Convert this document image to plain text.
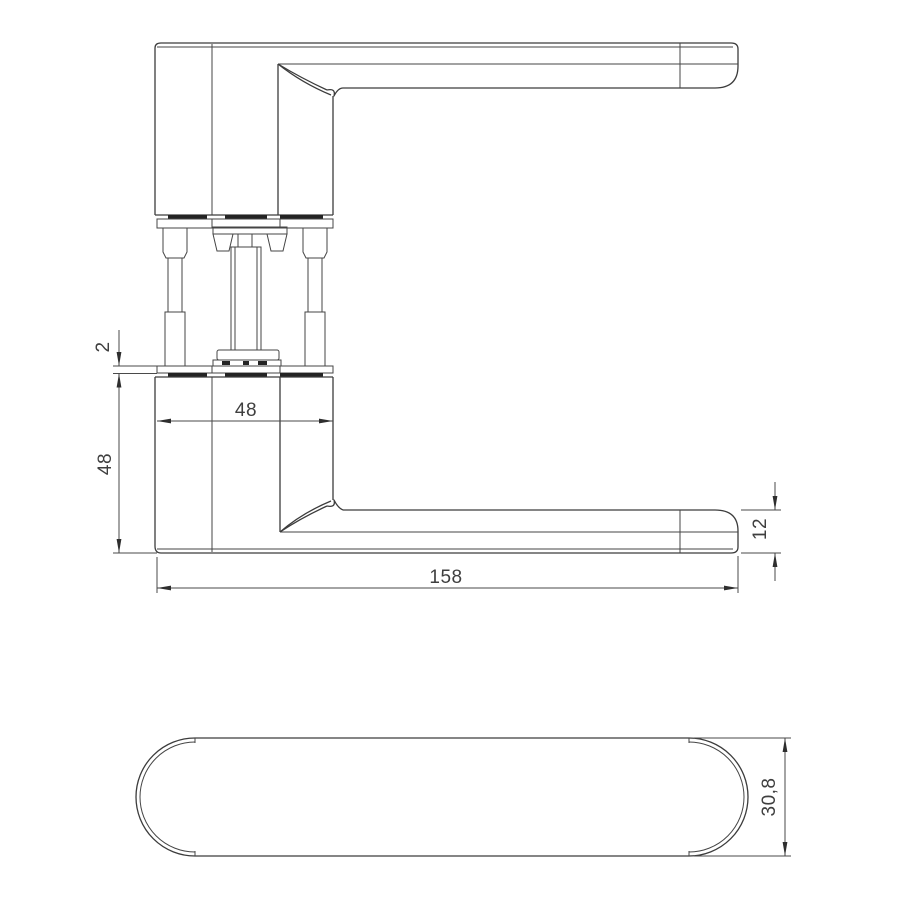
2
48
48
158
12
30,8
